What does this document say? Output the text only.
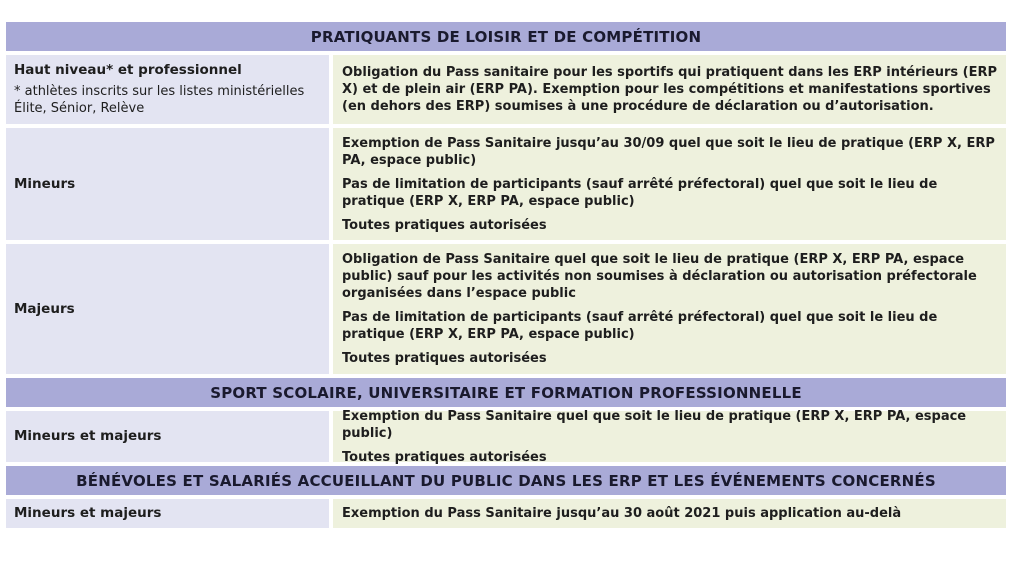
PRATIQUANTS DE LOISIR ET DE COMPÉTITION
Haut niveau* et professionnel
* athlètes inscrits sur les listes ministérielles Élite, Sénior, Relève

Obligation du Pass sanitaire pour les sportifs qui pratiquent dans les ERP intérieurs (ERP X) et de plein air (ERP PA). Exemption pour les compétitions et manifestations sportives (en dehors des ERP) soumises à une procédure de déclaration ou d’autorisation.

Mineurs

Exemption de Pass Sanitaire jusqu’au 30/09 quel que soit le lieu de pratique (ERP X, ERP PA, espace public)

Pas de limitation de participants (sauf arrêté préfectoral) quel que soit le lieu de pratique (ERP X, ERP PA, espace public)

Toutes pratiques autorisées

Majeurs

Obligation de Pass Sanitaire quel que soit le lieu de pratique (ERP X, ERP PA, espace public) sauf pour les activités non soumises à déclaration ou autorisation préfectorale organisées dans l’espace public

Pas de limitation de participants (sauf arrêté préfectoral) quel que soit le lieu de pratique (ERP X, ERP PA, espace public)

Toutes pratiques autorisées

SPORT SCOLAIRE, UNIVERSITAIRE ET FORMATION PROFESSIONNELLE
Mineurs et majeurs

Exemption du Pass Sanitaire quel que soit le lieu de pratique (ERP X, ERP PA, espace public)

Toutes pratiques autorisées

BÉNÉVOLES ET SALARIÉS ACCUEILLANT DU PUBLIC DANS LES ERP ET LES ÉVÉNEMENTS CONCERNÉS
Mineurs et majeurs	Exemption du Pass Sanitaire jusqu’au 30 août 2021 puis application au-delà
